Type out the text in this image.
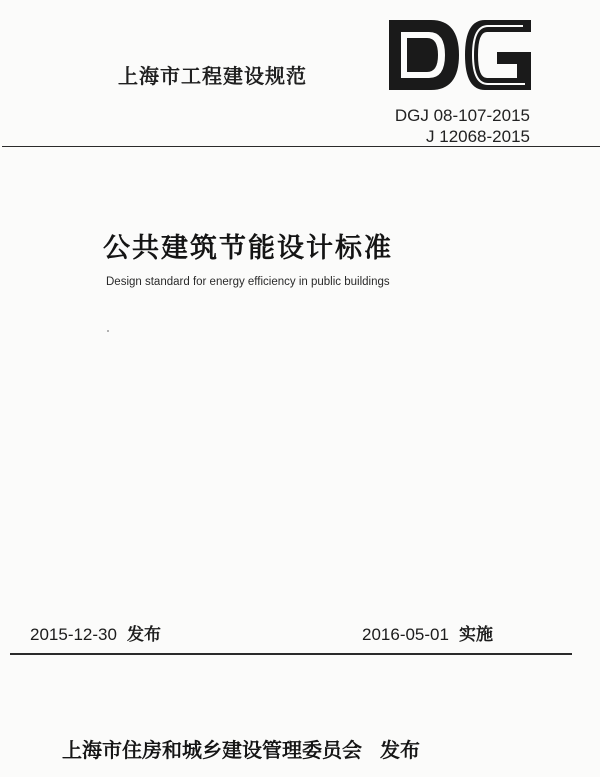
上海市工程建设规范
DGJ 08-107-2015
J 12068-2015
公共建筑节能设计标准
Design standard for energy efficiency in public buildings
2015-12-30 发布	2016-05-01 实施
上海市住房和城乡建设管理委员会 发布
